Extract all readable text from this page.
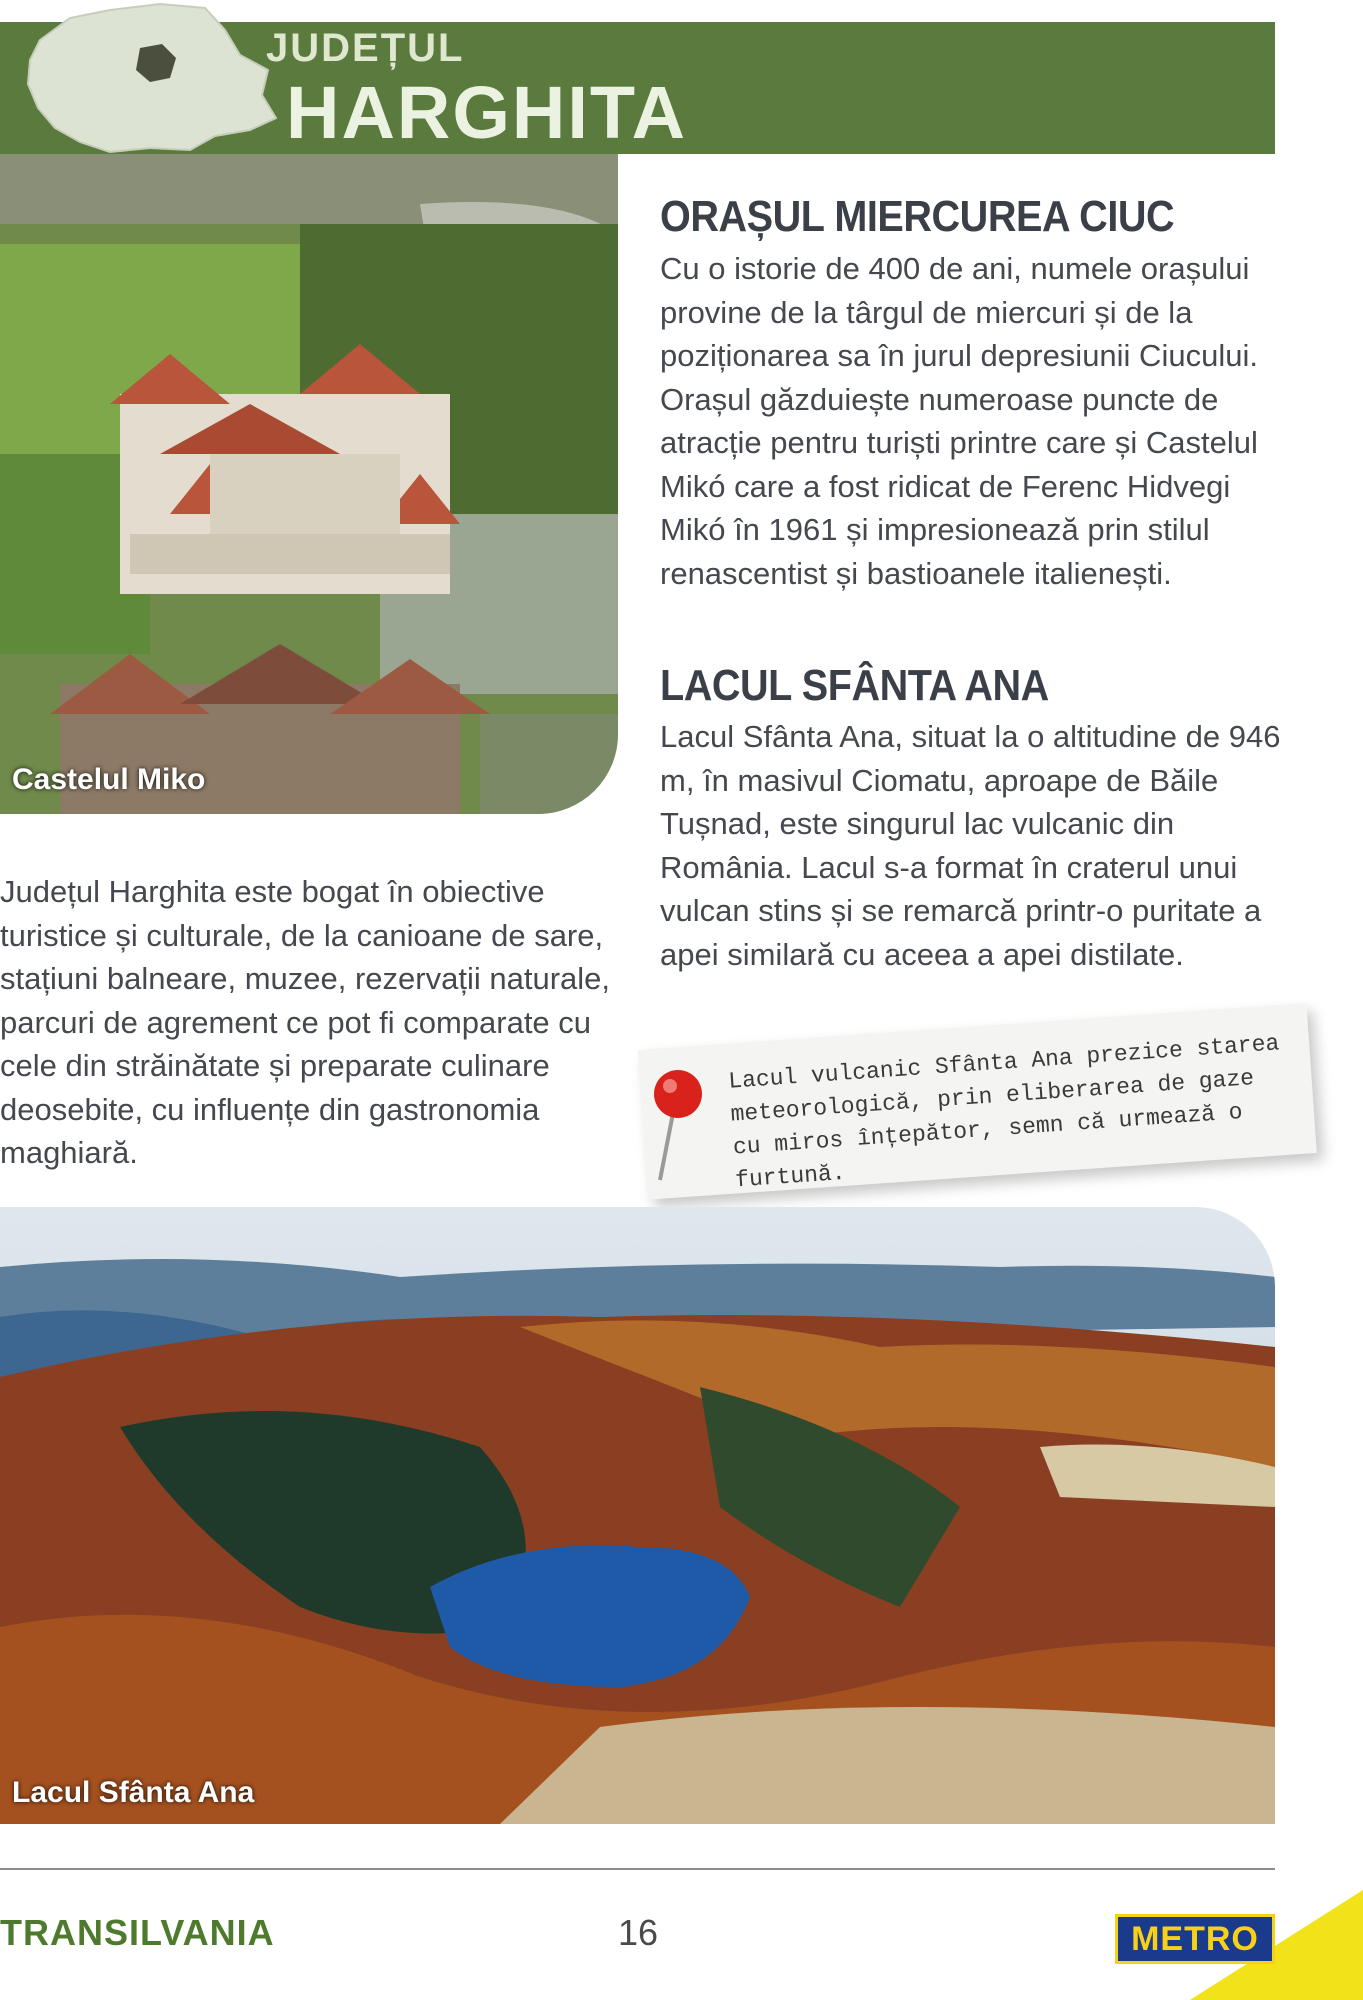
JUDEȚUL
HARGHITA
Castelul Miko
ORAȘUL MIERCUREA CIUC

Cu o istorie de 400 de ani, numele orașului provine de la târgul de miercuri și de la poziționarea sa în jurul depresiunii Ciucului. Orașul găzduiește numeroase puncte de atracție pentru turiști printre care și Castelul Mikó care a fost ridicat de Ferenc Hidvegi Mikó în 1961 și impresionează prin stilul renascentist și bastioanele italienești.

LACUL SFÂNTA ANA

Lacul Sfânta Ana, situat la o altitudine de 946 m, în masivul Ciomatu, aproape de Băile Tușnad, este singurul lac vulcanic din România. Lacul s-a format în craterul unui vulcan stins și se remarcă printr-o puritate a apei similară cu aceea a apei distilate.

Județul Harghita este bogat în obiective turistice și culturale, de la canioane de sare, stațiuni balneare, muzee, rezervații naturale, parcuri de agrement ce pot fi comparate cu cele din străinătate și preparate culinare deosebite, cu influențe din gastronomia maghiară.

Lacul vulcanic Sfânta Ana prezice starea meteorologică, prin eliberarea de gaze cu miros înțepător, semn că urmează o furtună.

Lacul Sfânta Ana
TRANSILVANIA	16	METRO
